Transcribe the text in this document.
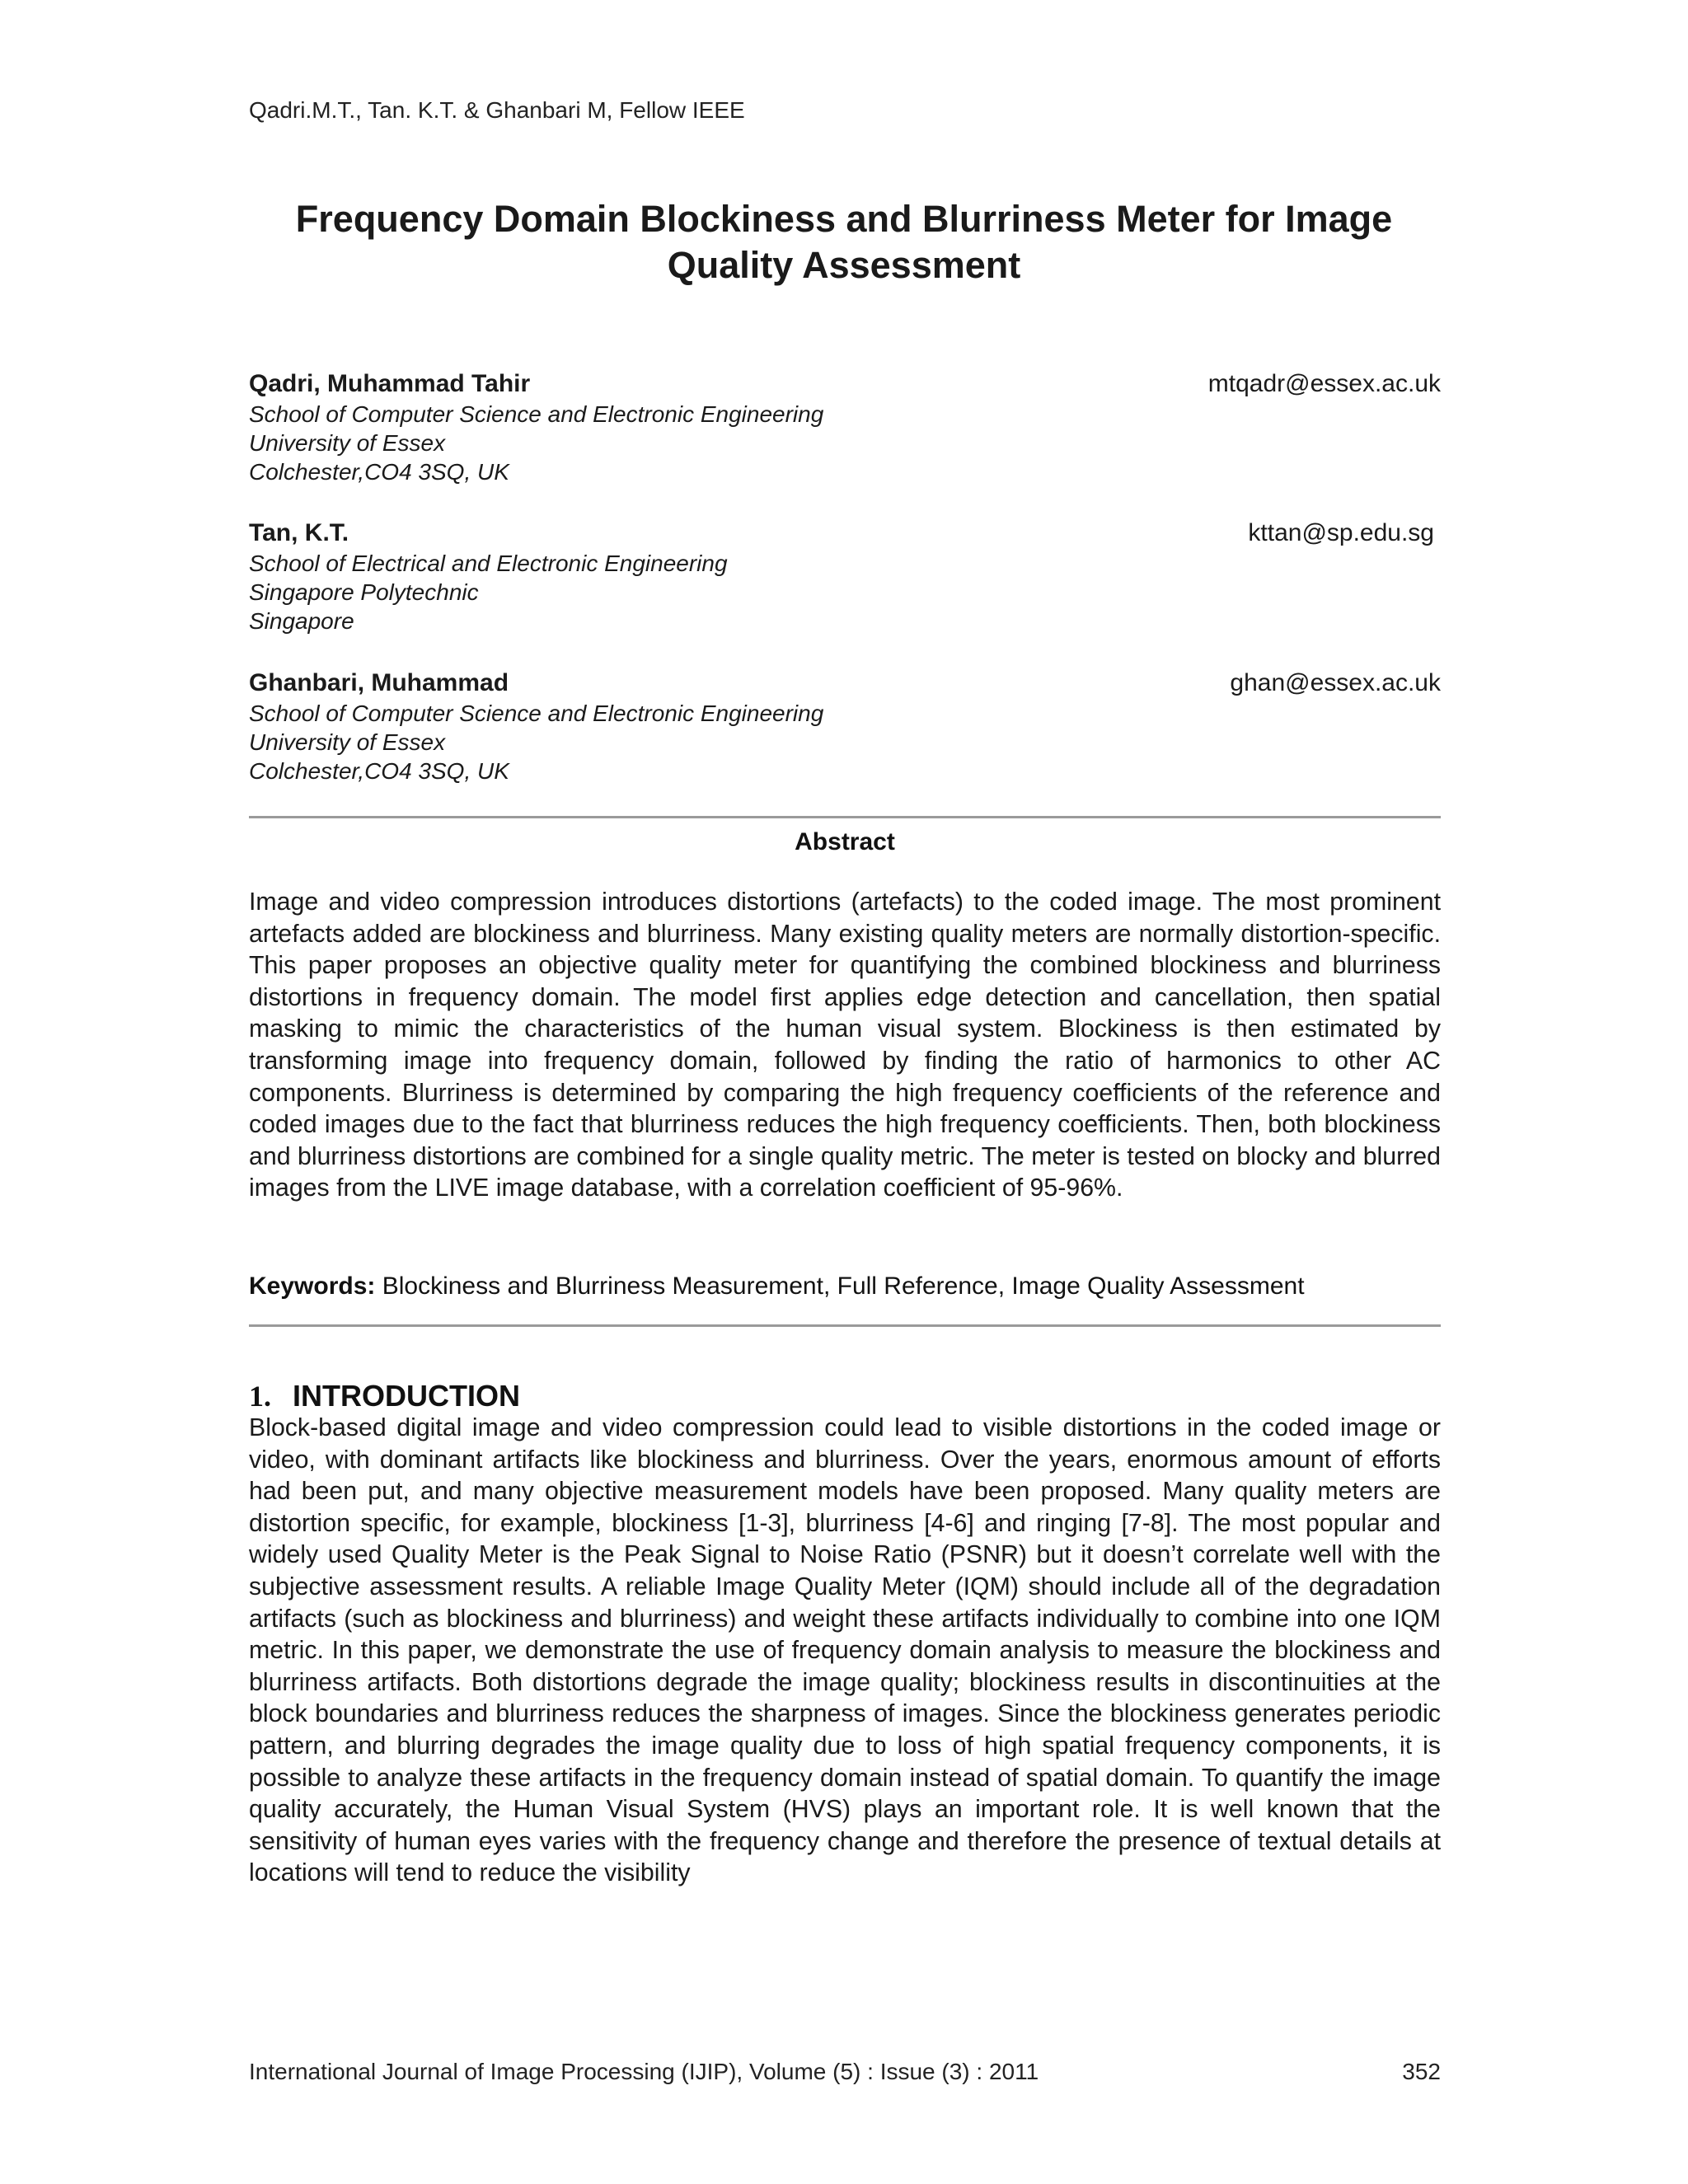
Qadri.M.T., Tan. K.T. & Ghanbari M, Fellow IEEE
Frequency Domain Blockiness and Blurriness Meter for Image
Quality Assessment
Qadri, Muhammad Tahir	mtqadr@essex.ac.uk
School of Computer Science and Electronic Engineering
University of Essex
Colchester,CO4 3SQ, UK
Tan, K.T.	kttan@sp.edu.sg
School of Electrical and Electronic Engineering
Singapore Polytechnic
Singapore
Ghanbari, Muhammad	ghan@essex.ac.uk
School of Computer Science and Electronic Engineering
University of Essex
Colchester,CO4 3SQ, UK
Abstract
Image and video compression introduces distortions (artefacts) to the coded image. The most prominent artefacts added are blockiness and blurriness. Many existing quality meters are normally distortion-specific. This paper proposes an objective quality meter for quantifying the combined blockiness and blurriness distortions in frequency domain. The model first applies edge detection and cancellation, then spatial masking to mimic the characteristics of the human visual system. Blockiness is then estimated by transforming image into frequency domain, followed by finding the ratio of harmonics to other AC components. Blurriness is determined by comparing the high frequency coefficients of the reference and coded images due to the fact that blurriness reduces the high frequency coefficients. Then, both blockiness and blurriness distortions are combined for a single quality metric. The meter is tested on blocky and blurred images from the LIVE image database, with a correlation coefficient of 95-96%.
Keywords: Blockiness and Blurriness Measurement, Full Reference, Image Quality Assessment
1. INTRODUCTION
Block-based digital image and video compression could lead to visible distortions in the coded image or video, with dominant artifacts like blockiness and blurriness. Over the years, enormous amount of efforts had been put, and many objective measurement models have been proposed. Many quality meters are distortion specific, for example, blockiness [1-3], blurriness [4-6] and ringing [7-8]. The most popular and widely used Quality Meter is the Peak Signal to Noise Ratio (PSNR) but it doesn’t correlate well with the subjective assessment results. A reliable Image Quality Meter (IQM) should include all of the degradation artifacts (such as blockiness and blurriness) and weight these artifacts individually to combine into one IQM metric. In this paper, we demonstrate the use of frequency domain analysis to measure the blockiness and blurriness artifacts. Both distortions degrade the image quality; blockiness results in discontinuities at the block boundaries and blurriness reduces the sharpness of images. Since the blockiness generates periodic pattern, and blurring degrades the image quality due to loss of high spatial frequency components, it is possible to analyze these artifacts in the frequency domain instead of spatial domain. To quantify the image quality accurately, the Human Visual System (HVS) plays an important role. It is well known that the sensitivity of human eyes varies with the frequency change and therefore the presence of textual details at locations will tend to reduce the visibility
International Journal of Image Processing (IJIP), Volume (5) : Issue (3) : 2011	352
